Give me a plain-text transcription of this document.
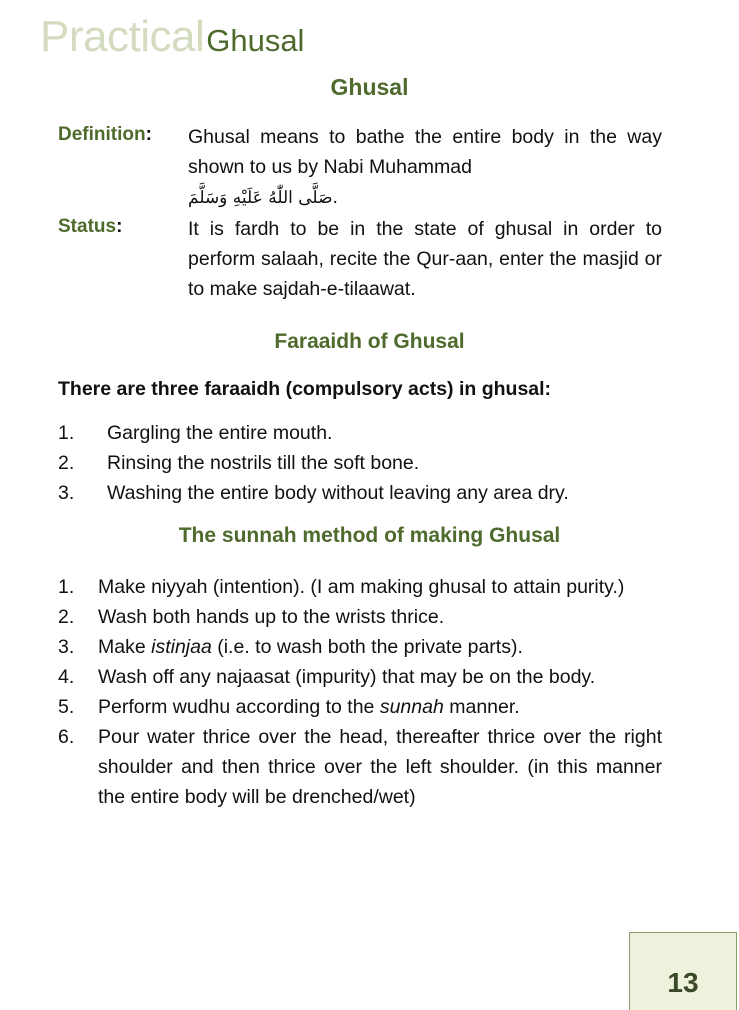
PracticalGhusal
Ghusal
Definition: Ghusal means to bathe the entire body in the way shown to us by Nabi Muhammad
صَلَّى اللّٰهُ عَلَيْهِ وَسَلَّمَ.
Status:	It is fardh to be in the state of ghusal in order to perform salaah, recite the Qur-aan, enter the masjid or to make sajdah-e-tilaawat.
Faraaidh of Ghusal
There are three faraaidh (compulsory acts) in ghusal:
1.	Gargling the entire mouth.
2.	Rinsing the nostrils till the soft bone.
3.	Washing the entire body without leaving any area dry.
The sunnah method of making Ghusal
1.	Make niyyah (intention). (I am making ghusal to attain purity.)
2.	Wash both hands up to the wrists thrice.
3.	Make istinjaa (i.e. to wash both the private parts).
4.	Wash off any najaasat (impurity) that may be on the body.
5.	Perform wudhu according to the sunnah manner.
6.	Pour water thrice over the head, thereafter thrice over the right shoulder and then thrice over the left shoulder. (in this manner the entire body will be drenched/wet)
13
